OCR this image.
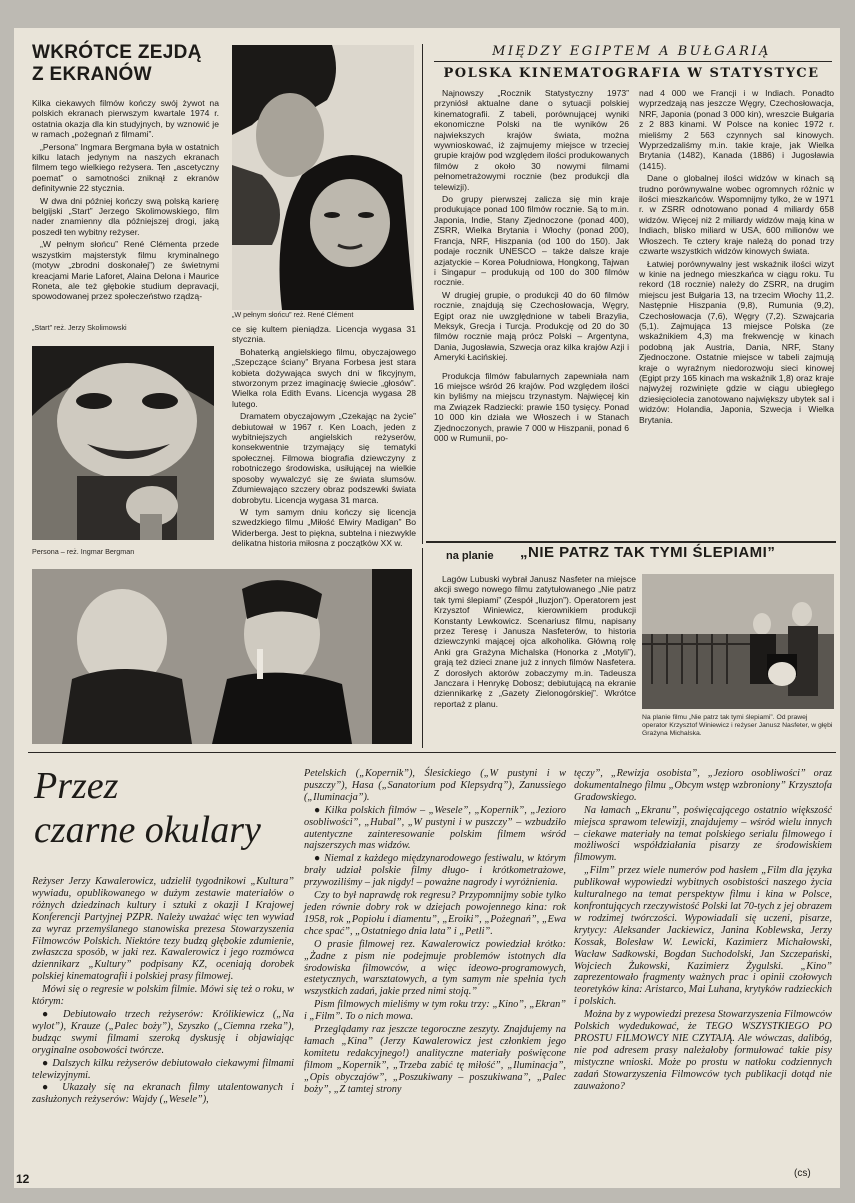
WKRÓTCE ZEJDĄ
Z EKRANÓW

Kilka ciekawych filmów kończy swój żywot na polskich ekranach pierwszym kwartale 1974 r. ostatnia okazja dla kin studyjnych, by wznowić je w ramach „pożegnań z filmami”.

„Persona” Ingmara Bergmana była w ostatnich kilku latach jedynym na naszych ekranach filmem tego wielkiego reżysera. Ten „ascetyczny poemat” o samotności zniknął z ekranów definitywnie 22 stycznia.

W dwa dni później kończy swą polską karierę belgijski „Start” Jerzego Skolimowskiego, film nader znamienny dla późniejszej drogi, jaką poszedł ten wybitny reżyser.

„W pełnym słońcu” René Clémenta przede wszystkim majsterstyk filmu kryminalnego (motyw „zbrodni doskonałej”) ze świetnymi kreacjami Marie Laforet, Alaina Delona i Maurice Roneta, ale też głębokie studium depravacji, spowodowanej przez społeczeństwo rządzą-

„Start” reż. Jerzy Skolimowski
Persona – reż. Ingmar Bergman
„W pełnym słońcu” reż. René Clément

ce się kultem pieniądza. Licencja wygasa 31 stycznia.

Bohaterką angielskiego filmu, obyczajowego „Szepczące ściany” Bryana Forbesa jest stara kobieta dożywająca swych dni w fikcyjnym, stworzonym przez imaginację świecie „głosów”. Wielka rola Edith Evans. Licencja wygasa 28 lutego.

Dramatem obyczajowym „Czekając na życie” debiutował w 1967 r. Ken Loach, jeden z wybitniejszych angielskich reżyserów, konsekwentnie trzymający się tematyki społecznej. Filmowa biografia dziewczyny z robotniczego środowiska, usiłującej na wielkie sposoby wywalczyć się ze świata slumsów. Zdumiewająco szczery obraz podszewki świata dobrobytu. Licencja wygasa 31 marca.

W tym samym dniu kończy się licencja szwedzkiego filmu „Miłość Elwiry Madigan” Bo Widerberga. Jest to piękna, subtelna i niezwykle delikatna historia miłosna z początków XX w.

MIĘDZY EGIPTEM A BUŁGARIĄ
POLSKA KINEMATOGRAFIA W STATYSTYCE

Najnowszy „Rocznik Statystyczny 1973” przyniósł aktualne dane o sytuacji polskiej kinematografii. Z tabeli, porównującej wyniki ekonomiczne Polski na tle wyników 26 najwiekszych krajów świata, można wywnioskować, iż zajmujemy miejsce w trzeciej grupie krajów pod względem ilości produkowanych filmów z około 30 nowymi filmami pełnometrażowymi rocznie (bez produkcji dla telewizji).

Do grupy pierwszej zalicza się min kraje produkujące ponad 100 filmów rocznie. Są to m.in. Japonia, Indie, Stany Zjednoczone (ponad 400), ZSRR, Wielka Brytania i Włochy (ponad 200), Francja, NRF, Hiszpania (od 100 do 150). Jak podaje rocznik UNESCO – także dalsze kraje azjatyckie – Korea Południowa, Hongkong, Tajwan i Singapur – produkują od 100 do 300 filmów rocznie.

W drugiej grupie, o produkcji 40 do 60 filmów rocznie, znajdują się Czechosłowacja, Węgry, Egipt oraz nie uwzględnione w tabeli Brazylia, Meksyk, Grecja i Turcja. Produkcję od 20 do 30 filmów rocznie mają prócz Polski – Argentyna, Dania, Jugosławia, Szwecja oraz kilka krajów Azji i Ameryki Łacińskiej.

Produkcja filmów fabularnych zapewniała nam 16 miejsce wśród 26 krajów. Pod względem ilości kin byliśmy na miejscu trzynastym. Najwięcej kin ma Związek Radziecki: prawie 150 tysięcy. Ponad 10 000 kin działa we Włoszech i w Stanach Zjednoczonych, prawie 7 000 w Hiszpanii, ponad 6 000 w Rumunii, po-

nad 4 000 we Francji i w Indiach. Ponadto wyprzedzają nas jeszcze Węgry, Czechosłowacja, NRF, Japonia (ponad 3 000 kin), wreszcie Bułgaria z 2 883 kinami. W Polsce na koniec 1972 r. mieliśmy 2 563 czynnych sal kinowych. Wyprzedzaliśmy m.in. takie kraje, jak Wielka Brytania (1482), Kanada (1886) i Jugosławia (1415).

Dane o globalnej ilości widzów w kinach są trudno porównywalne wobec ogromnych różnic w ilości mieszkańców. Wspomnijmy tylko, że w 1971 r. w ZSRR odnotowano ponad 4 miliardy 658 widzów. Więcej niż 2 miliardy widzów mają kina w Indiach, blisko miliard w USA, 600 milionów we Włoszech. Te cztery kraje należą do ponad trzy czwarte wszystkich widzów kinowych świata.

Łatwiej porównywalny jest wskaźnik ilości wizyt w kinie na jednego mieszkańca w ciągu roku. Tu rekord (18 rocznie) należy do ZSRR, na drugim miejscu jest Bułgaria 13, na trzecim Włochy 11,2. Następnie Hiszpania (9,8), Rumunia (9,2), Czechosłowacja (7,6), Węgry (7,2). Szwajcaria (5,1). Zajmująca 13 miejsce Polska (ze wskaźnikiem 4,3) ma frekwencję w kinach podobną jak Austria, Dania, NRF, Stany Zjednoczone. Ostatnie miejsce w tabeli zajmują kraje o wyraźnym niedorozwoju sieci kinowej (Egipt przy 165 kinach ma wskaźnik 1,8) oraz kraje najwyżej rozwinięte gdzie w ciągu ubiegłego dziesięciolecia zanotowano największy ubytek sal i widzów: Holandia, Japonia, Szwecja i Wielka Brytania.

na planie „NIE PATRZ TAK TYMI ŚLEPIAMI”

Lagów Lubuski wybrał Janusz Nasfeter na miejsce akcji swego nowego filmu zatytułowanego „Nie patrz tak tymi ślepiami” (Zespół „Iluzjon”). Operatorem jest Krzysztof Winiewicz, kierownikiem produkcji Konstanty Lewkowicz. Scenariusz filmu, napisany przez Teresę i Janusza Nasfeterów, to historia dziewczynki mającej ojca alkoholika. Główną rolę Anki gra Grażyna Michalska (Honorka z „Motyli”), grają też dzieci znane już z innych filmów Nasfetera. Z dorosłych aktorów zobaczymy m.in. Tadeusza Janczara i Henrykę Dobosz; debiutującą na ekranie dziennikarkę z „Gazety Zielonogórskiej”. Wkrótce reportaż z planu.

Na planie filmu „Nie patrz tak tymi ślepiami”. Od prawej operator Krzysztof Winiewicz i reżyser Janusz Nasfeter, w głębi Grażyna Michalska.
Przez
czarne okulary

Reżyser Jerzy Kawalerowicz, udzielił tygodnikowi „Kultura” wywiadu, opublikowanego w dużym zestawie materiałów o różnych dziedzinach kultury i sztuki z okazji I Krajowej Konferencji Partyjnej PZPR. Należy uważać więc ten wywiad za wyraz przemyślanego stanowiska prezesa Stowarzyszenia Filmowców Polskich. Niektóre tezy budzą głębokie zdumienie, zwłaszcza sposób, w jaki rez. Kawalerowicz i jego rozmówca dziennikarz „Kultury” podpisany KZ, oceniają dorobek polskiej kinematografii i polskiej prasy filmowej.

Mówi się o regresie w polskim filmie. Mówi się też o roku, w którym:

● Debiutowało trzech reżyserów: Królikiewicz („Na wylot”), Krauze („Palec boży”), Szyszko („Ciemna rzeka”), budząc swymi filmami szeroką dyskusję i objawiając oryginalne osobowości twórcze.

● Dalszych kilku reżyserów debiutowało ciekawymi filmami telewizyjnymi.

● Ukazały się na ekranach filmy utalentowanych i zasłużonych reżyserów: Wajdy („Wesele”),

Petelskich („Kopernik”), Ślesickiego („W pustyni i w puszczy”), Hasa („Sanatorium pod Klepsydrą”), Zanussiego („Iluminacja”).

● Kilka polskich filmów – „Wesele”, „Kopernik”, „Jezioro osobliwości”, „Hubal”, „W pustyni i w puszczy” – wzbudziło autentyczne zainteresowanie polskim filmem wśród najszerszych mas widzów.

● Niemal z każdego międzynarodowego festiwalu, w którym brały udział polskie filmy długo- i krótkometrażowe, przywoziliśmy – jak nigdy! – poważne nagrody i wyróżnienia.

Czy to był naprawdę rok regresu? Przypomnijmy sobie tylko jeden równie dobry rok w dziejach powojennego kina: rok 1958, rok „Popiołu i diamentu”, „Eroiki”, „Pożegnań”, „Ewa chce spać”, „Ostatniego dnia lata” i „Petli”.

O prasie filmowej rez. Kawalerowicz powiedział krótko: „Żadne z pism nie podejmuje problemów istotnych dla środowiska filmowców, a więc ideowo-programowych, estetycznych, warsztatowych, a tym samym nie spełnia tych wszystkich zadań, jakie przed nimi stoją.”

Pism filmowych mieliśmy w tym roku trzy: „Kino”, „Ekran” i „Film”. To o nich mowa.

Przeglądamy raz jeszcze tegoroczne zeszyty. Znajdujemy na łamach „Kina” (Jerzy Kawalerowicz jest członkiem jego komitetu redakcyjnego!) analityczne materiały poświęcone filmom „Kopernik”, „Trzeba zabić tę miłość”, „Iluminacja”, „Opis obyczajów”, „Poszukiwany – poszukiwana”, „Palec boży”, „Z tamtej strony

tęczy”, „Rewizja osobista”, „Jezioro osobliwości” oraz dokumentalnego filmu „Obcym wstęp wzbroniony” Krzysztofa Gradowskiego.

Na łamach „Ekranu”, poświęcającego ostatnio większość miejsca sprawom telewizji, znajdujemy – wśród wielu innych – ciekawe materiały na temat polskiego serialu filmowego i możliwości współdziałania pisarzy ze środowiskiem filmowym.

„Film” przez wiele numerów pod hasłem „Film dla języka publikował wypowiedzi wybitnych osobistości naszego życia kulturalnego na temat perspektyw filmu i kina w Polsce, konfrontujących rzeczywistość Polski lat 70-tych z jej obrazem w rodzimej twórczości. Wypowiadali się uczeni, pisarze, krytycy: Aleksander Jackiewicz, Janina Koblewska, Jerzy Kossak, Bolesław W. Lewicki, Kazimierz Michałowski, Wacław Sadkowski, Bogdan Suchodolski, Jan Szczepański, Wojciech Żukowski, Kazimierz Żygulski. „Kino” zaprezentowało fragmenty ważnych prac i opinii czołowych teoretyków kina: Aristarco, Mai Luhana, krytyków radzieckich i polskich.

Można by z wypowiedzi prezesa Stowarzyszenia Filmowców Polskich wydedukować, że TEGO WSZYSTKIEGO PO PROSTU FILMOWCY NIE CZYTAJĄ. Ale wówczas, dalibóg, nie pod adresem prasy należałoby formułować takie pisy mistyczne wnioski. Może po prostu w natłoku codziennych zadań Stowarzyszenia Filmowców tych publikacji dotąd nie zauważono?

(cs)
12
